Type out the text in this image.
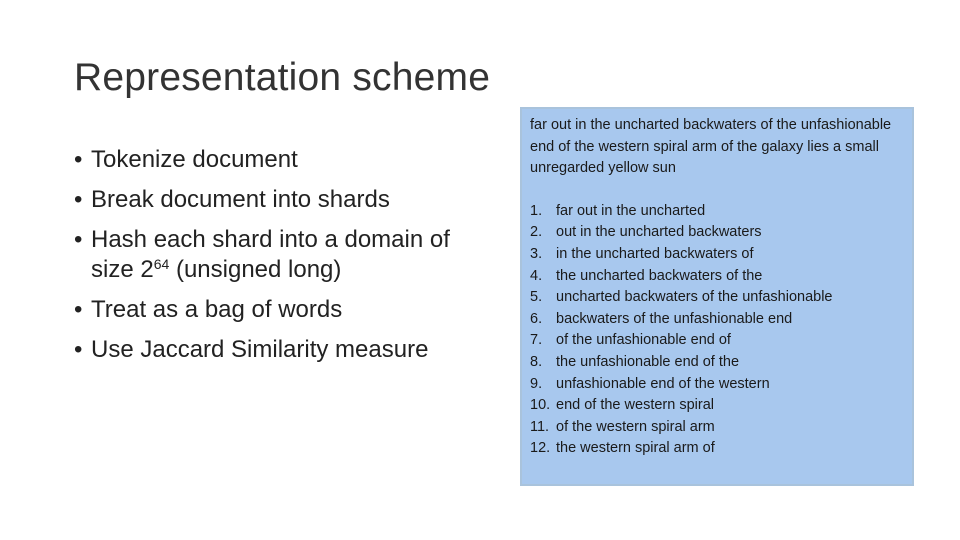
Representation scheme
• Tokenize document
• Break document into shards
• Hash each shard into a domain of size $2^{64}$ (unsigned long)
• Treat as a bag of words
• Use Jaccard Similarity measure

far out in the uncharted backwaters of the unfashionable end of the western spiral arm of the galaxy lies a small unregarded yellow sun

1. far out in the uncharted
2. out in the uncharted backwaters
3. in the uncharted backwaters of
4. the uncharted backwaters of the
5. uncharted backwaters of the unfashionable
6. backwaters of the unfashionable end
7. of the unfashionable end of
8. the unfashionable end of the
9. unfashionable end of the western
10. end of the western spiral
11. of the western spiral arm
12. the western spiral arm of
